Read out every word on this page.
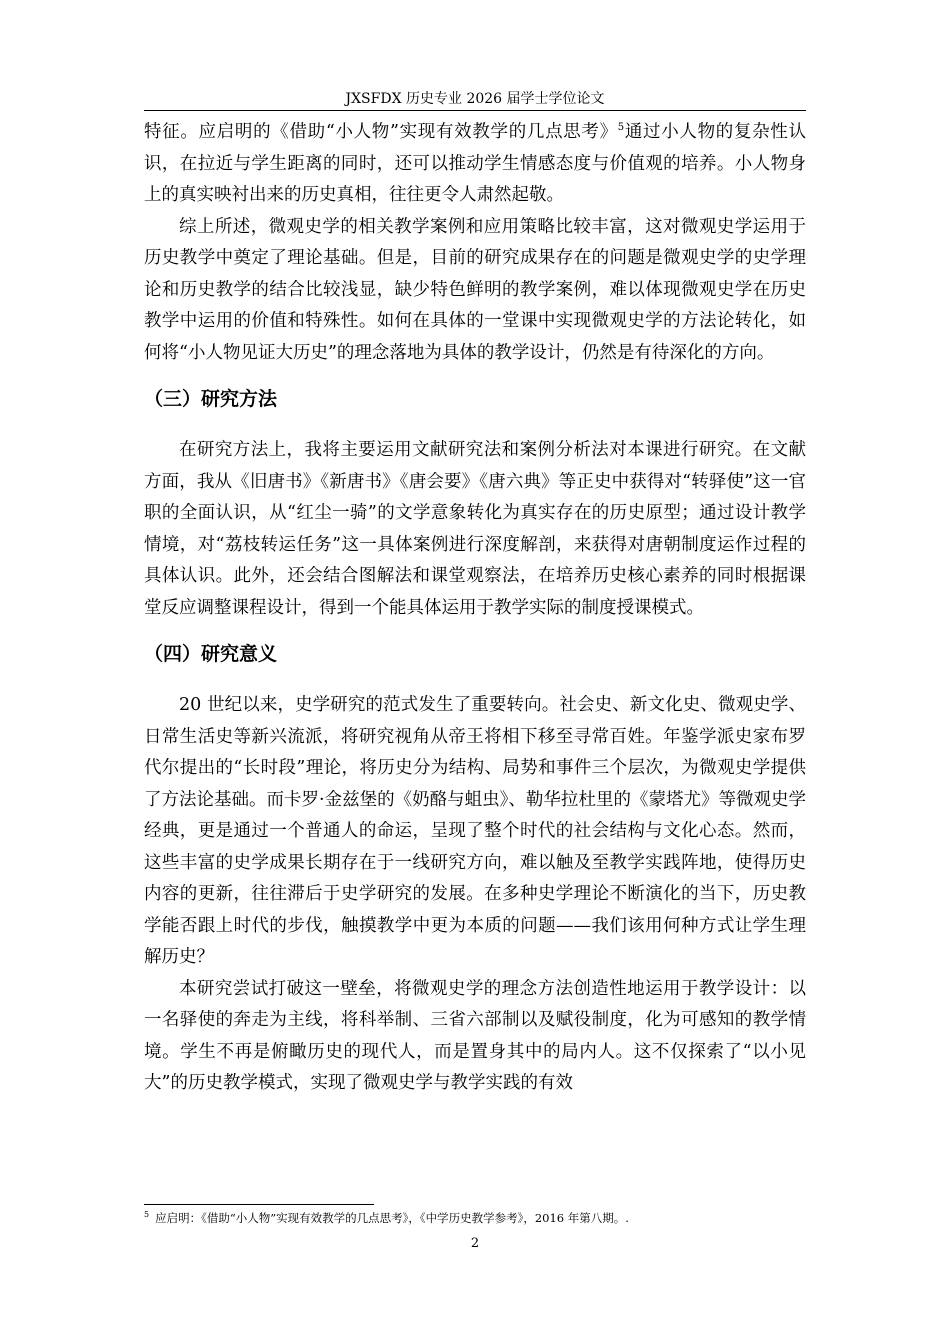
JXSFDX 历史专业 2026 届学士学位论文

特征。应启明的《借助“小人物”实现有效教学的几点思考》$^5$通过小人物的复杂性认识，在拉近与学生距离的同时，还可以推动学生情感态度与价值观的培养。小人物身上的真实映衬出来的历史真相，往往更令人肃然起敬。

综上所述，微观史学的相关教学案例和应用策略比较丰富，这对微观史学运用于历史教学中奠定了理论基础。但是，目前的研究成果存在的问题是微观史学的史学理论和历史教学的结合比较浅显，缺少特色鲜明的教学案例，难以体现微观史学在历史教学中运用的价值和特殊性。如何在具体的一堂课中实现微观史学的方法论转化，如何将“小人物见证大历史”的理念落地为具体的教学设计，仍然是有待深化的方向。

（三）研究方法

在研究方法上，我将主要运用文献研究法和案例分析法对本课进行研究。在文献方面，我从《旧唐书》《新唐书》《唐会要》《唐六典》等正史中获得对“转驿使”这一官职的全面认识，从“红尘一骑”的文学意象转化为真实存在的历史原型；通过设计教学情境，对“荔枝转运任务”这一具体案例进行深度解剖，来获得对唐朝制度运作过程的具体认识。此外，还会结合图解法和课堂观察法，在培养历史核心素养的同时根据课堂反应调整课程设计，得到一个能具体运用于教学实际的制度授课模式。

（四）研究意义

20 世纪以来，史学研究的范式发生了重要转向。社会史、新文化史、微观史学、日常生活史等新兴流派，将研究视角从帝王将相下移至寻常百姓。年鉴学派史家布罗代尔提出的“长时段”理论，将历史分为结构、局势和事件三个层次，为微观史学提供了方法论基础。而卡罗·金兹堡的《奶酪与蛆虫》、勒华拉杜里的《蒙塔尤》等微观史学经典，更是通过一个普通人的命运，呈现了整个时代的社会结构与文化心态。然而，这些丰富的史学成果长期存在于一线研究方向，难以触及至教学实践阵地，使得历史内容的更新，往往滞后于史学研究的发展。在多种史学理论不断演化的当下，历史教学能否跟上时代的步伐，触摸教学中更为本质的问题——我们该用何种方式让学生理解历史？

本研究尝试打破这一壁垒，将微观史学的理念方法创造性地运用于教学设计：以一名驿使的奔走为主线，将科举制、三省六部制以及赋役制度，化为可感知的教学情境。学生不再是俯瞰历史的现代人，而是置身其中的局内人。这不仅探索了“以小见大”的历史教学模式，实现了微观史学与教学实践的有效

$^5$ 应启明：《借助“小人物”实现有效教学的几点思考》，《中学历史教学参考》，2016 年第八期。.
2
